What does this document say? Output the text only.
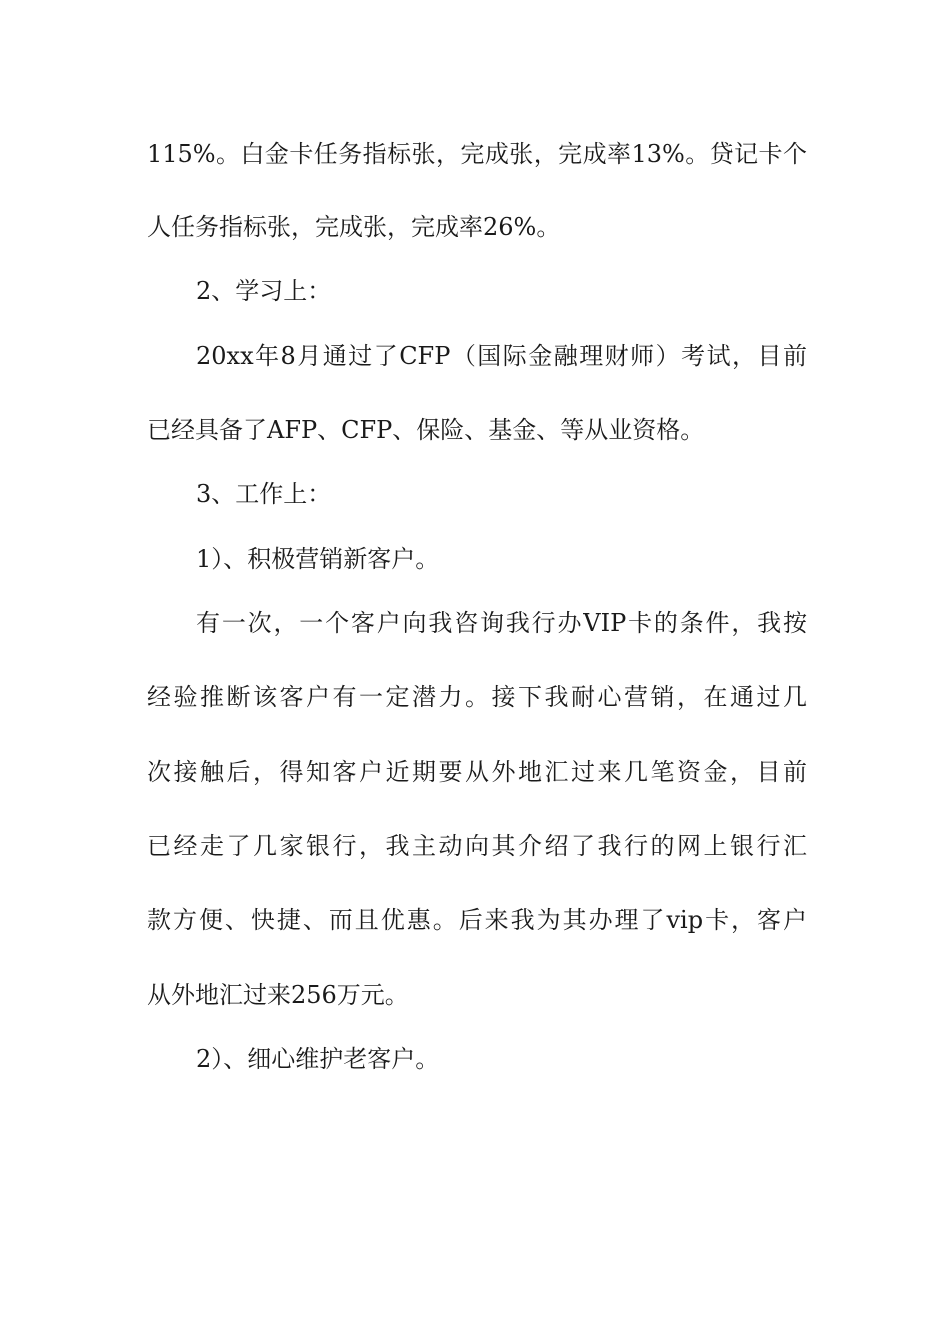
115%。白金卡任务指标张，完成张，完成率13%。贷记卡个
人任务指标张，完成张，完成率26%。
2、学习上：
20xx年8月通过了CFP（国际金融理财师）考试，目前
已经具备了AFP、CFP、保险、基金、等从业资格。
3、工作上：
1）、积极营销新客户。
有一次，一个客户向我咨询我行办VIP卡的条件，我按
经验推断该客户有一定潜力。接下我耐心营销，在通过几
次接触后，得知客户近期要从外地汇过来几笔资金，目前
已经走了几家银行，我主动向其介绍了我行的网上银行汇
款方便、快捷、而且优惠。后来我为其办理了vip卡，客户
从外地汇过来256万元。
2）、细心维护老客户。
